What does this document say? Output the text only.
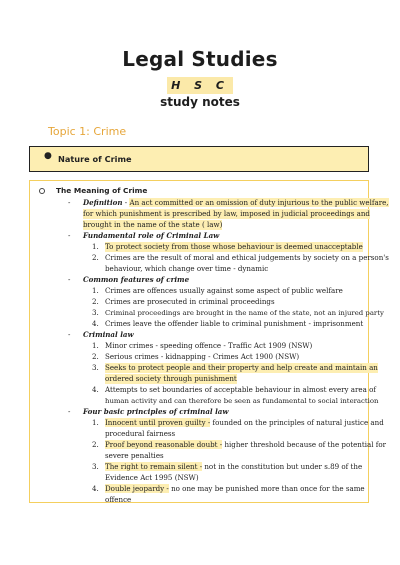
Legal Studies
H S C
study notes
Topic 1: Crime
● Nature of Crime
The Meaning of Crime
- Definition - An act committed or an omission of duty injurious to the public welfare,
for which punishment is prescribed by law, imposed in judicial proceedings and
brought in the name of the state ( law)
- Fundamental role of Criminal Law
1. To protect society from those whose behaviour is deemed unacceptable
2. Crimes are the result of moral and ethical judgements by society on a person's
behaviour, which change over time - dynamic
- Common features of crime
1. Crimes are offences usually against some aspect of public welfare
2. Crimes are prosecuted in criminal proceedings
3. Criminal proceedings are brought in the name of the state, not an injured party
4. Crimes leave the offender liable to criminal punishment - imprisonment
- Criminal law
1. Minor crimes - speeding offence - Traffic Act 1909 (NSW)
2. Serious crimes - kidnapping - Crimes Act 1900 (NSW)
3. Seeks to protect people and their property and help create and maintain an
ordered society through punishment
4. Attempts to set boundaries of acceptable behaviour in almost every area of
human activity and can therefore be seen as fundamental to social interaction
- Four basic principles of criminal law
1. Innocent until proven guilty - founded on the principles of natural justice and
procedural fairness
2. Proof beyond reasonable doubt - higher threshold because of the potential for
severe penalties
3. The right to remain silent - not in the constitution but under s.89 of the
Evidence Act 1995 (NSW)
4. Double jeopardy - no one may be punished more than once for the same
offence
